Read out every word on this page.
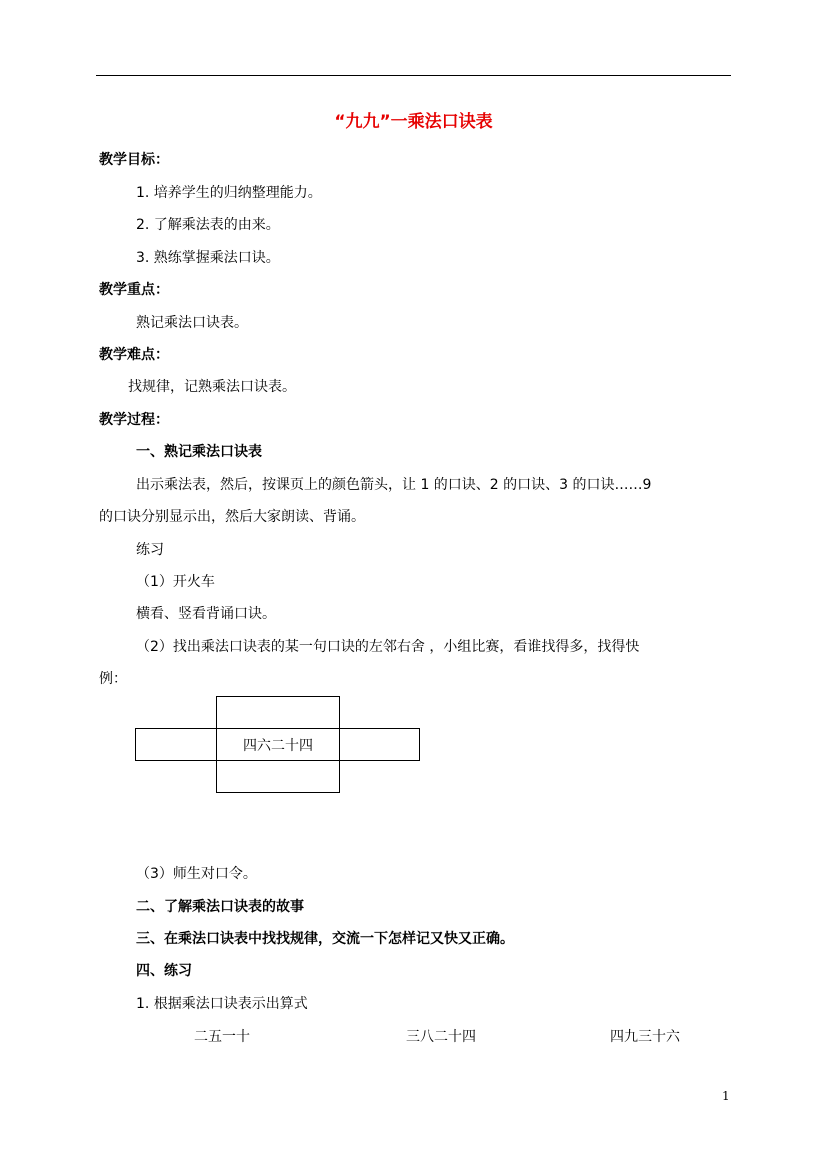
“九九”一乘法口诀表
教学目标：
1. 培养学生的归纳整理能力。
2. 了解乘法表的由来。
3. 熟练掌握乘法口诀。
教学重点：
熟记乘法口诀表。
教学难点：
找规律，记熟乘法口诀表。
教学过程：
一、熟记乘法口诀表
出示乘法表，然后，按课页上的颜色箭头，让 1 的口诀、2 的口诀、3 的口诀……9
的口诀分别显示出，然后大家朗读、背诵。
练习
（1）开火车
横看、竖看背诵口诀。
（2）找出乘法口诀表的某一句口诀的左邻右舍 ，小组比赛，看谁找得多，找得快
例：
四六二十四
（3）师生对口令。
二、了解乘法口诀表的故事
三、在乘法口诀表中找找规律，交流一下怎样记又快又正确。
四、练习
1. 根据乘法口诀表示出算式
二五一十	三八二十四	四九三十六
1
